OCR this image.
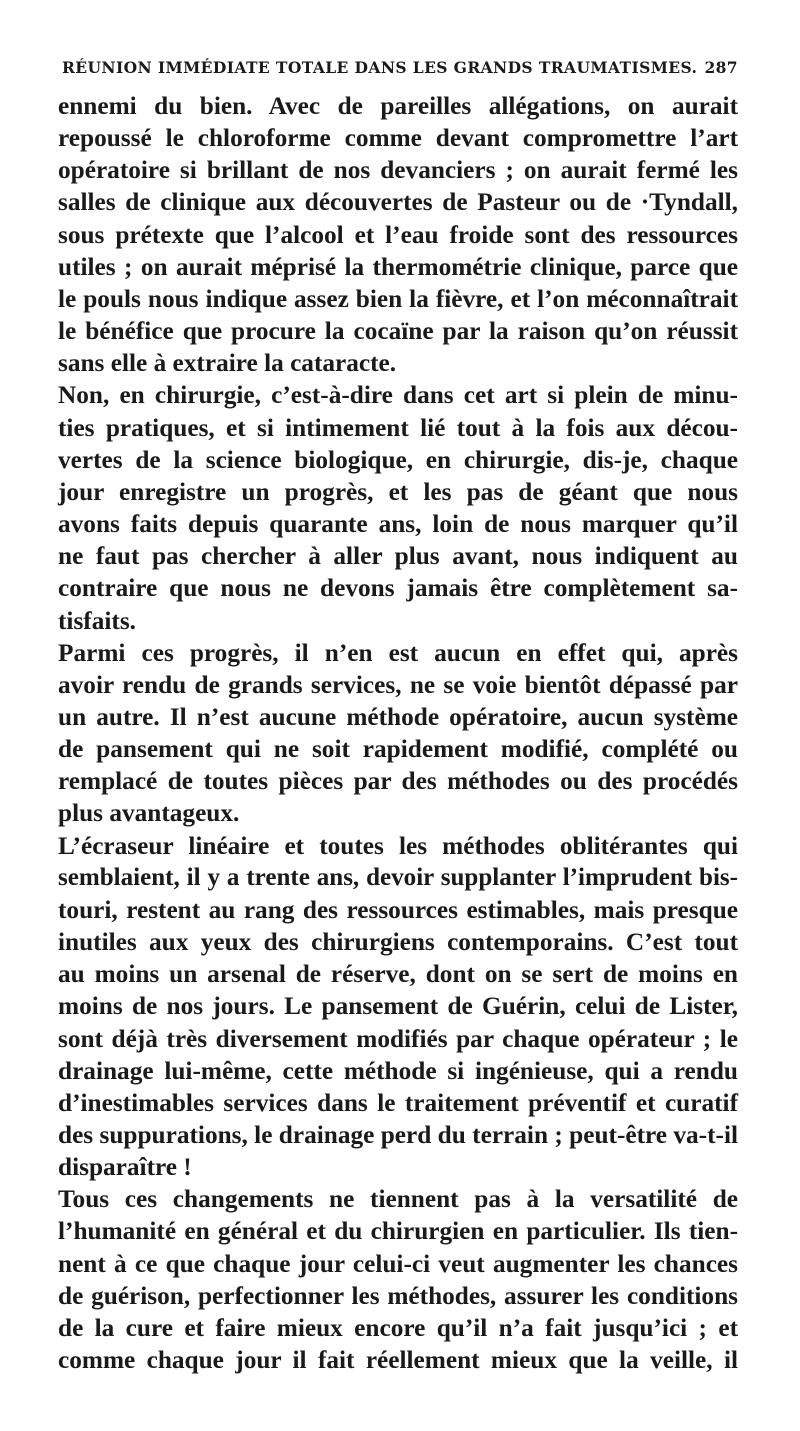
RÉUNION IMMÉDIATE TOTALE DANS LES GRANDS TRAUMATISMES. 287

ennemi du bien. Avec de pareilles allégations, on aurait
repoussé le chloroforme comme devant compromettre l’art
opératoire si brillant de nos devanciers ; on aurait fermé les
salles de clinique aux découvertes de Pasteur ou de ·Tyndall,
sous prétexte que l’alcool et l’eau froide sont des ressources
utiles ; on aurait méprisé la thermométrie clinique, parce que
le pouls nous indique assez bien la fièvre, et l’on méconnaîtrait
le bénéfice que procure la cocaïne par la raison qu’on réussit
sans elle à extraire la cataracte.

Non, en chirurgie, c’est-à-dire dans cet art si plein de minu-
ties pratiques, et si intimement lié tout à la fois aux décou-
vertes de la science biologique, en chirurgie, dis-je, chaque
jour enregistre un progrès, et les pas de géant que nous
avons faits depuis quarante ans, loin de nous marquer qu’il
ne faut pas chercher à aller plus avant, nous indiquent au
contraire que nous ne devons jamais être complètement sa-
tisfaits.

Parmi ces progrès, il n’en est aucun en effet qui, après
avoir rendu de grands services, ne se voie bientôt dépassé par
un autre. Il n’est aucune méthode opératoire, aucun système
de pansement qui ne soit rapidement modifié, complété ou
remplacé de toutes pièces par des méthodes ou des procédés
plus avantageux.

L’écraseur linéaire et toutes les méthodes oblitérantes qui
semblaient, il y a trente ans, devoir supplanter l’imprudent bis-
touri, restent au rang des ressources estimables, mais presque
inutiles aux yeux des chirurgiens contemporains. C’est tout
au moins un arsenal de réserve, dont on se sert de moins en
moins de nos jours. Le pansement de Guérin, celui de Lister,
sont déjà très diversement modifiés par chaque opérateur ; le
drainage lui-même, cette méthode si ingénieuse, qui a rendu
d’inestimables services dans le traitement préventif et curatif
des suppurations, le drainage perd du terrain ; peut-être va-t-il
disparaître !

Tous ces changements ne tiennent pas à la versatilité de
l’humanité en général et du chirurgien en particulier. Ils tien-
nent à ce que chaque jour celui-ci veut augmenter les chances
de guérison, perfectionner les méthodes, assurer les conditions
de la cure et faire mieux encore qu’il n’a fait jusqu’ici ; et
comme chaque jour il fait réellement mieux que la veille, il
